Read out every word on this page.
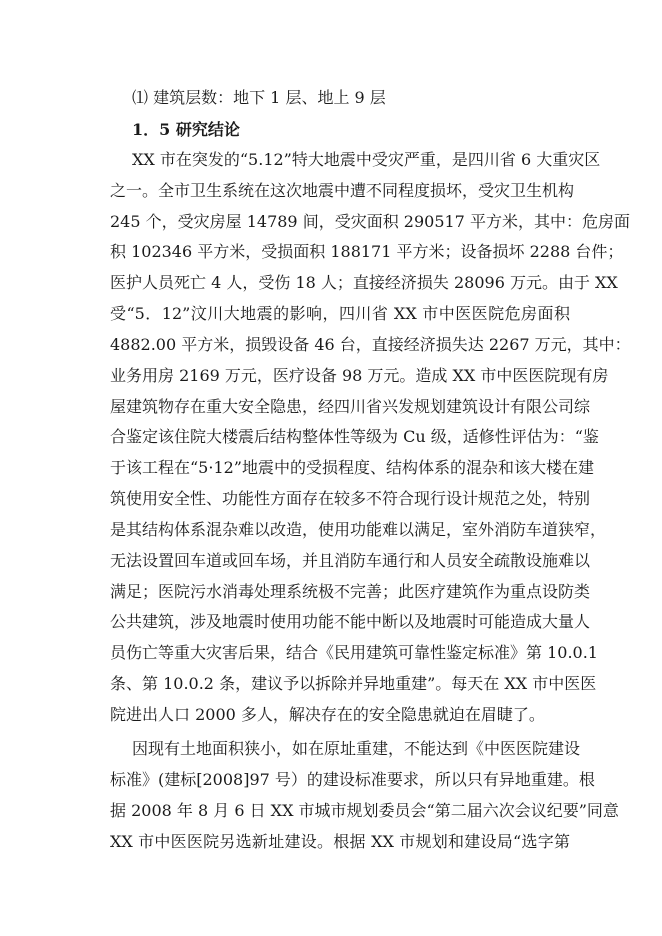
⑴ 建筑层数：地下 1 层、地上 9 层
1．5 研究结论
XX 市在突发的“5.12”特大地震中受灾严重，是四川省 6 大重灾区
之一。全市卫生系统在这次地震中遭不同程度损坏，受灾卫生机构
245 个，受灾房屋 14789 间，受灾面积 290517 平方米，其中：危房面
积 102346 平方米，受损面积 188171 平方米；设备损坏 2288 台件；
医护人员死亡 4 人，受伤 18 人；直接经济损失 28096 万元。由于 XX
受“5．12”汶川大地震的影响，四川省 XX 市中医医院危房面积
4882.00 平方米，损毁设备 46 台，直接经济损失达 2267 万元，其中：
业务用房 2169 万元，医疗设备 98 万元。造成 XX 市中医医院现有房
屋建筑物存在重大安全隐患，经四川省兴发规划建筑设计有限公司综
合鉴定该住院大楼震后结构整体性等级为 Cu 级，适修性评估为：“鉴
于该工程在“5·12”地震中的受损程度、结构体系的混杂和该大楼在建
筑使用安全性、功能性方面存在较多不符合现行设计规范之处，特别
是其结构体系混杂难以改造，使用功能难以满足，室外消防车道狭窄，
无法设置回车道或回车场，并且消防车通行和人员安全疏散设施难以
满足；医院污水消毒处理系统极不完善；此医疗建筑作为重点设防类
公共建筑，涉及地震时使用功能不能中断以及地震时可能造成大量人
员伤亡等重大灾害后果，结合《民用建筑可靠性鉴定标准》第 10.0.1
条、第 10.0.2 条，建议予以拆除并异地重建”。每天在 XX 市中医医
院进出人口 2000 多人，解决存在的安全隐患就迫在眉睫了。
因现有土地面积狭小，如在原址重建，不能达到《中医医院建设
标准》(建标[2008]97 号）的建设标准要求，所以只有异地重建。根
据 2008 年 8 月 6 日 XX 市城市规划委员会“第二届六次会议纪要”同意
XX 市中医医院另选新址建设。根据 XX 市规划和建设局“选字第
